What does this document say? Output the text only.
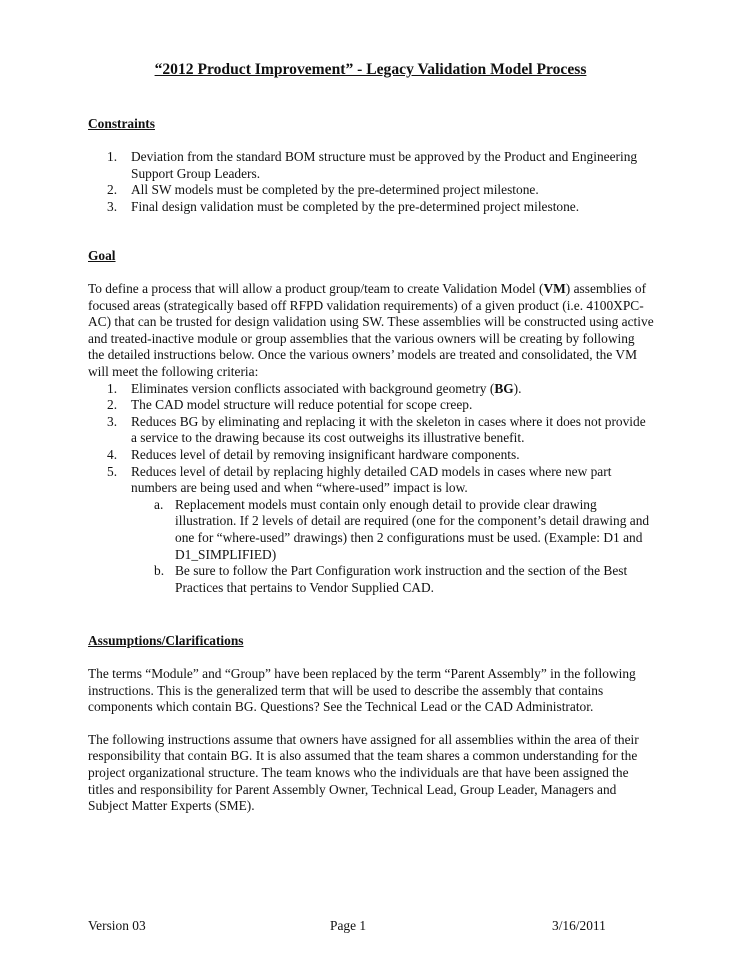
“2012 Product Improvement” - Legacy Validation Model Process
Constraints
1. Deviation from the standard BOM structure must be approved by the Product and Engineering Support Group Leaders.
2. All SW models must be completed by the pre-determined project milestone.
3. Final design validation must be completed by the pre-determined project milestone.
Goal

To define a process that will allow a product group/team to create Validation Model (VM) assemblies of focused areas (strategically based off RFPD validation requirements) of a given product (i.e. 4100XPC-AC) that can be trusted for design validation using SW. These assemblies will be constructed using active and treated-inactive module or group assemblies that the various owners will be creating by following the detailed instructions below. Once the various owners’ models are treated and consolidated, the VM will meet the following criteria:

1. Eliminates version conflicts associated with background geometry (BG).
2. The CAD model structure will reduce potential for scope creep.
3. Reduces BG by eliminating and replacing it with the skeleton in cases where it does not provide a service to the drawing because its cost outweighs its illustrative benefit.
4. Reduces level of detail by removing insignificant hardware components.
5. Reduces level of detail by replacing highly detailed CAD models in cases where new part numbers are being used and when “where-used” impact is low.
a. Replacement models must contain only enough detail to provide clear drawing illustration. If 2 levels of detail are required (one for the component’s detail drawing and one for “where-used” drawings) then 2 configurations must be used. (Example: D1 and D1_SIMPLIFIED)
b. Be sure to follow the Part Configuration work instruction and the section of the Best Practices that pertains to Vendor Supplied CAD.
Assumptions/Clarifications

The terms “Module” and “Group” have been replaced by the term “Parent Assembly” in the following instructions. This is the generalized term that will be used to describe the assembly that contains components which contain BG. Questions? See the Technical Lead or the CAD Administrator.

The following instructions assume that owners have assigned for all assemblies within the area of their responsibility that contain BG. It is also assumed that the team shares a common understanding for the project organizational structure. The team knows who the individuals are that have been assigned the titles and responsibility for Parent Assembly Owner, Technical Lead, Group Leader, Managers and Subject Matter Experts (SME).

Version 03	Page 1	3/16/2011
